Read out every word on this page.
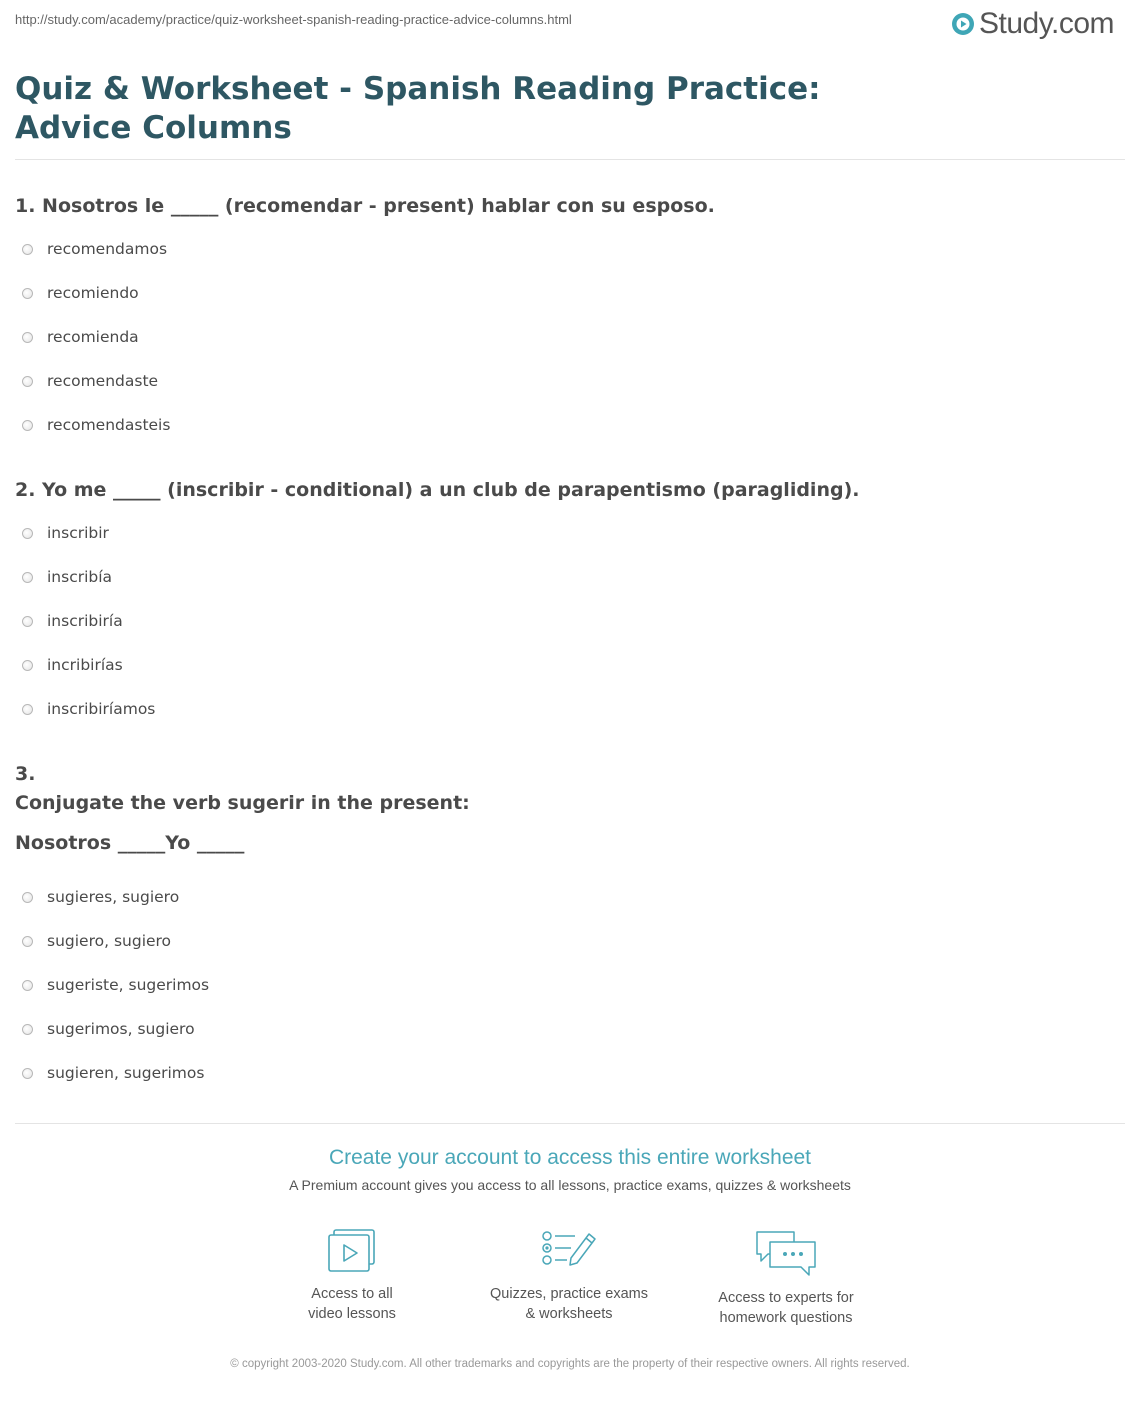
http://study.com/academy/practice/quiz-worksheet-spanish-reading-practice-advice-columns.html	Study.com
Quiz & Worksheet - Spanish Reading Practice: Advice Columns

1. Nosotros le _____ (recomendar - present) hablar con su esposo.

recomendamos
recomiendo
recomienda
recomendaste
recomendasteis

2. Yo me _____ (inscribir - conditional) a un club de parapentismo (paragliding).

inscribir
inscribía
inscribiría
incribirías
inscribiríamos

3.

Conjugate the verb sugerir in the present:

Nosotros _____Yo _____

sugieres, sugiero
sugiero, sugiero
sugeriste, sugerimos
sugerimos, sugiero
sugieren, sugerimos
Create your account to access this entire worksheet
A Premium account gives you access to all lessons, practice exams, quizzes & worksheets
Access to all
video lessons
Quizzes, practice exams
& worksheets
Access to experts for
homework questions
© copyright 2003-2020 Study.com. All other trademarks and copyrights are the property of their respective owners. All rights reserved.
